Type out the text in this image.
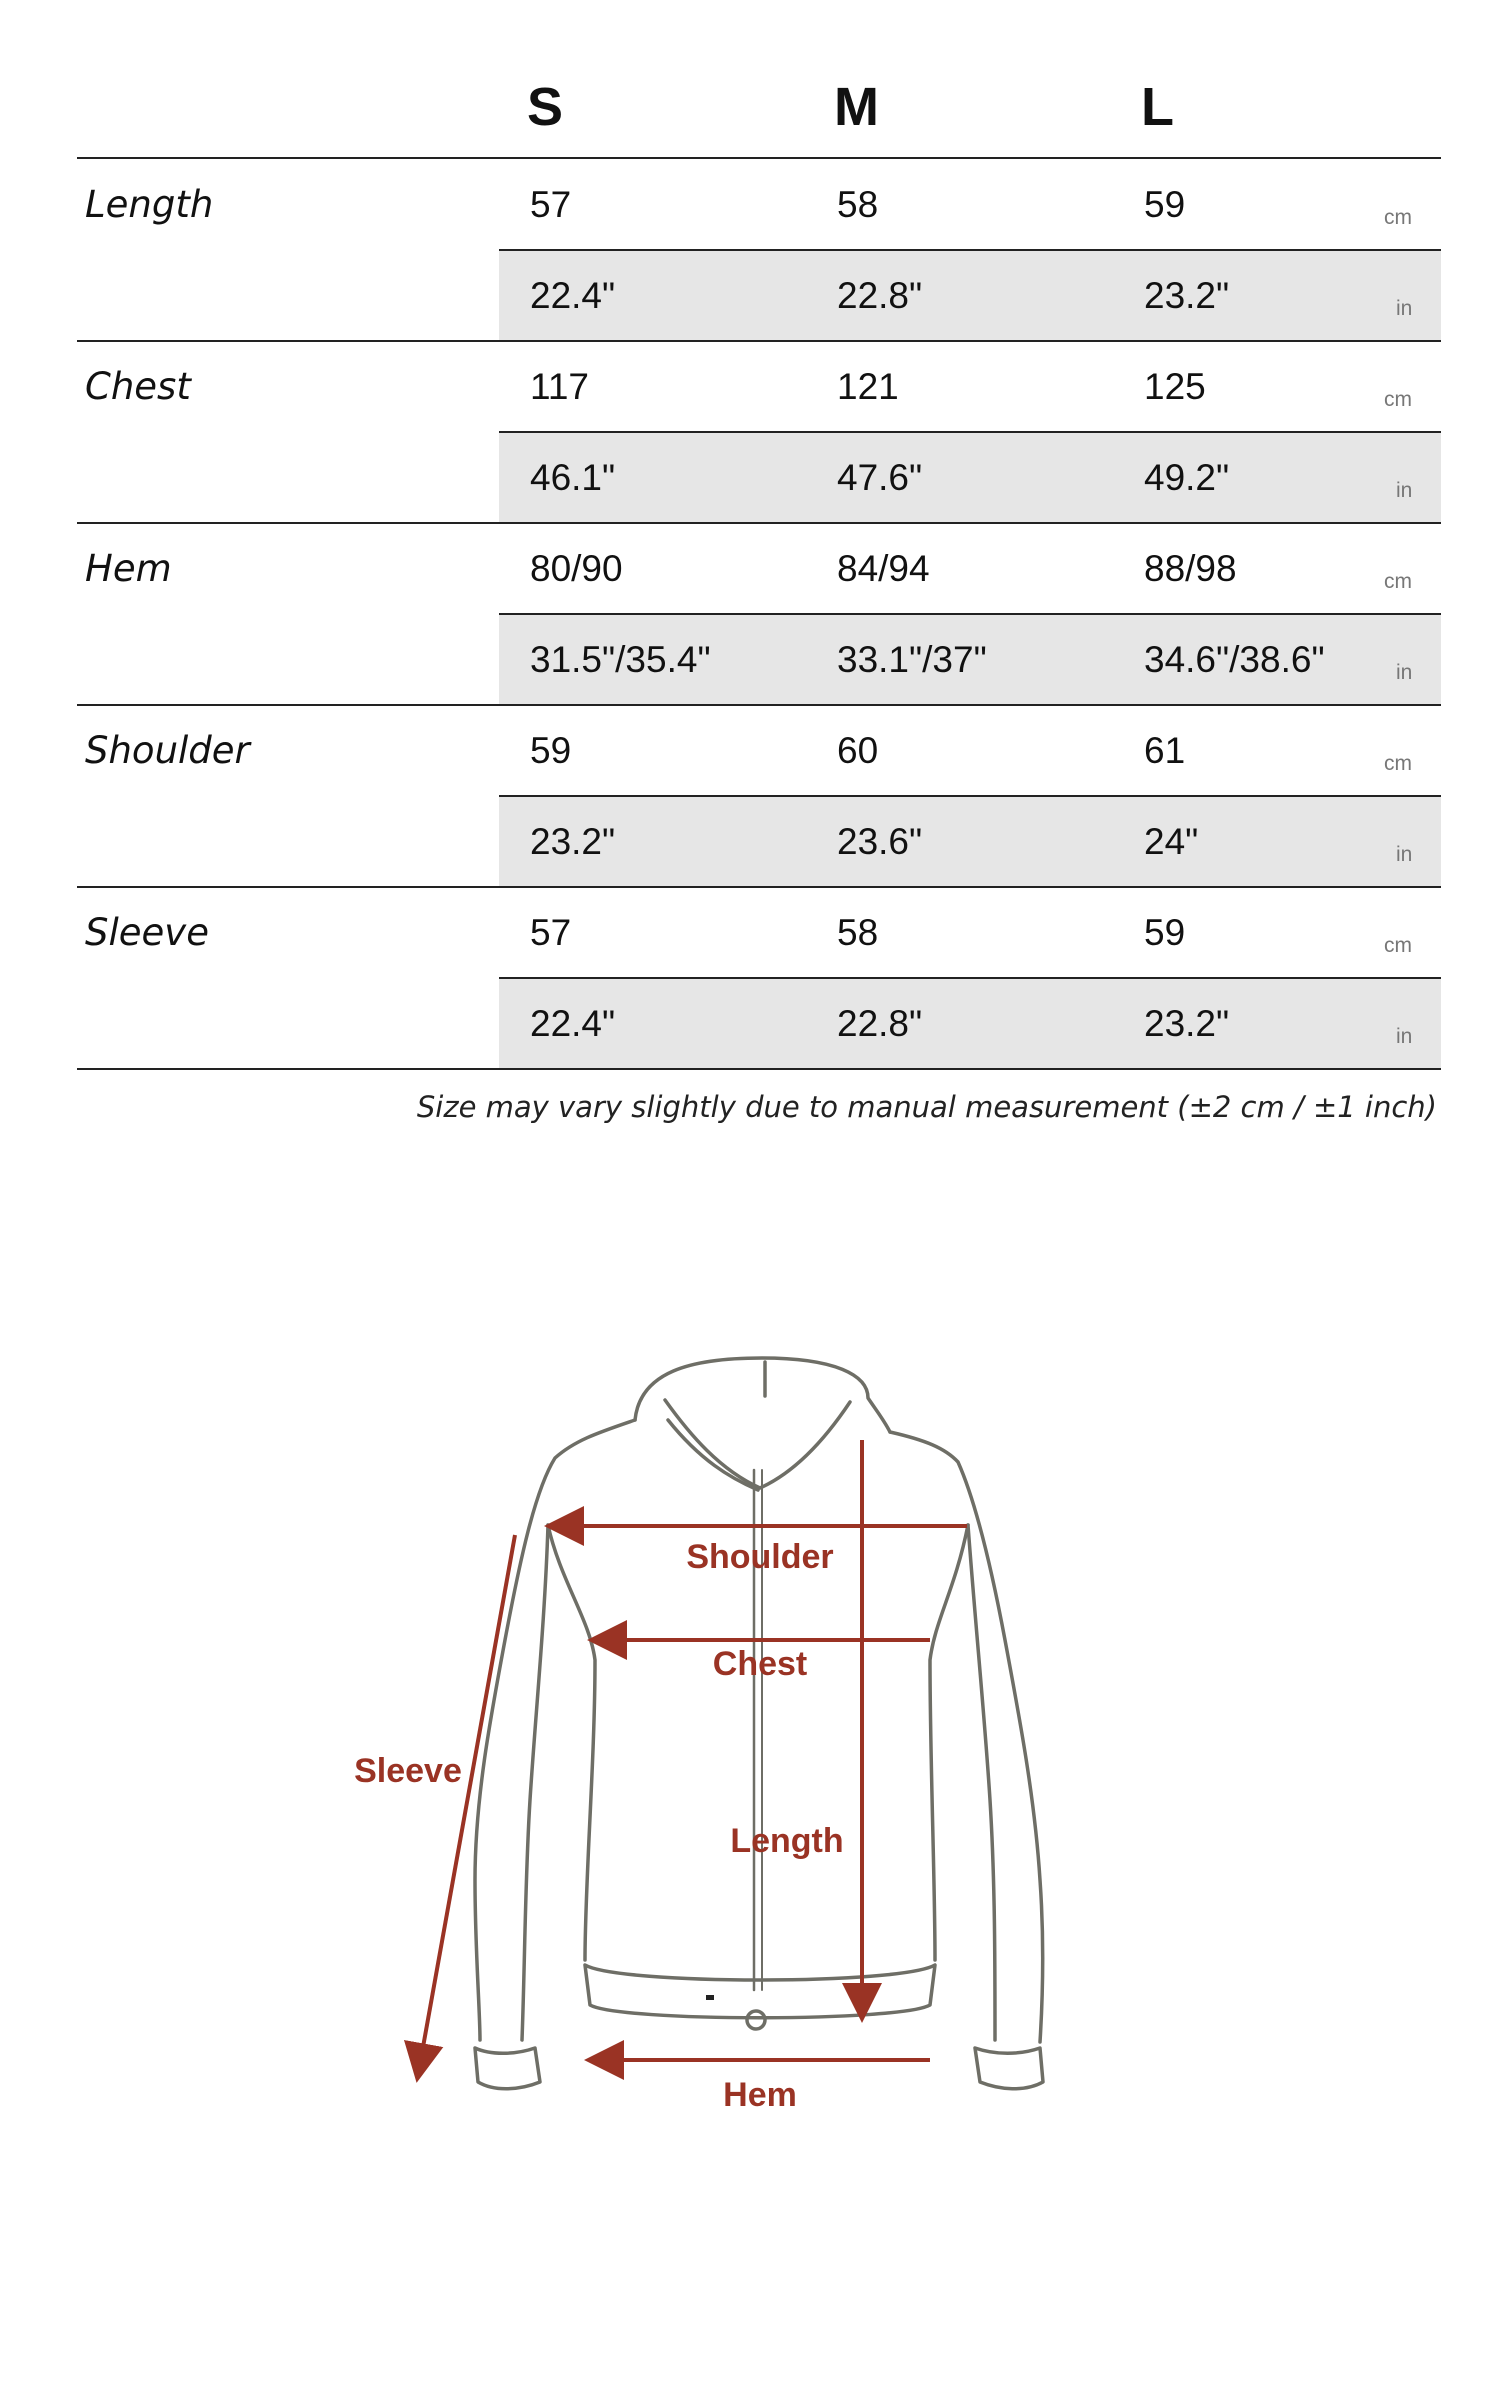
S	M	L
Length	57	58	59	cm
22.4"	22.8"	23.2"	in
Chest	117	121	125	cm
46.1"	47.6"	49.2"	in
Hem	80/90	84/94	88/98	cm
31.5"/35.4"	33.1"/37"	34.6"/38.6"	in
Shoulder	59	60	61	cm
23.2"	23.6"	24"	in
Sleeve	57	58	59	cm
22.4"	22.8"	23.2"	in
Size may vary slightly due to manual measurement (±2 cm / ±1 inch)
Shoulder
Chest
Length
Sleeve
Hem
